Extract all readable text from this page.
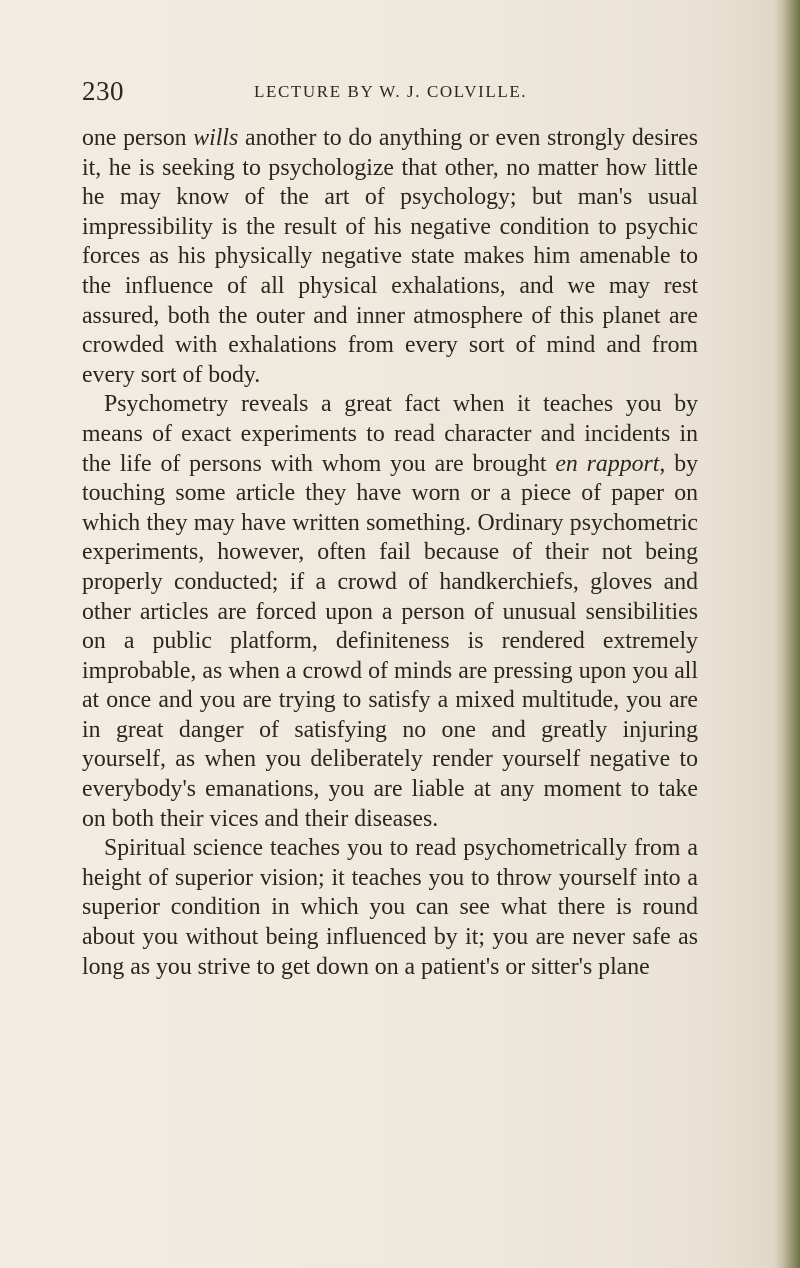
230	LECTURE BY W. J. COLVILLE.

one person wills another to do anything or even strongly desires it, he is seeking to psychologize that other, no matter how little he may know of the art of psychology; but man's usual impressibility is the result of his negative condition to psychic forces as his physically negative state makes him amenable to the influence of all physical exhalations, and we may rest assured, both the outer and inner atmosphere of this planet are crowded with exhalations from every sort of mind and from every sort of body.

Psychometry reveals a great fact when it teaches you by means of exact experiments to read character and incidents in the life of persons with whom you are brought en rapport, by touching some article they have worn or a piece of paper on which they may have written something. Ordinary psychometric experiments, however, often fail because of their not being properly conducted; if a crowd of handkerchiefs, gloves and other articles are forced upon a person of unusual sensibilities on a public platform, definiteness is rendered extremely improbable, as when a crowd of minds are pressing upon you all at once and you are trying to satisfy a mixed multitude, you are in great danger of satisfying no one and greatly injuring yourself, as when you deliberately render yourself negative to everybody's emanations, you are liable at any moment to take on both their vices and their diseases.

Spiritual science teaches you to read psychometrically from a height of superior vision; it teaches you to throw yourself into a superior condition in which you can see what there is round about you without being influenced by it; you are never safe as long as you strive to get down on a patient's or sitter's plane
